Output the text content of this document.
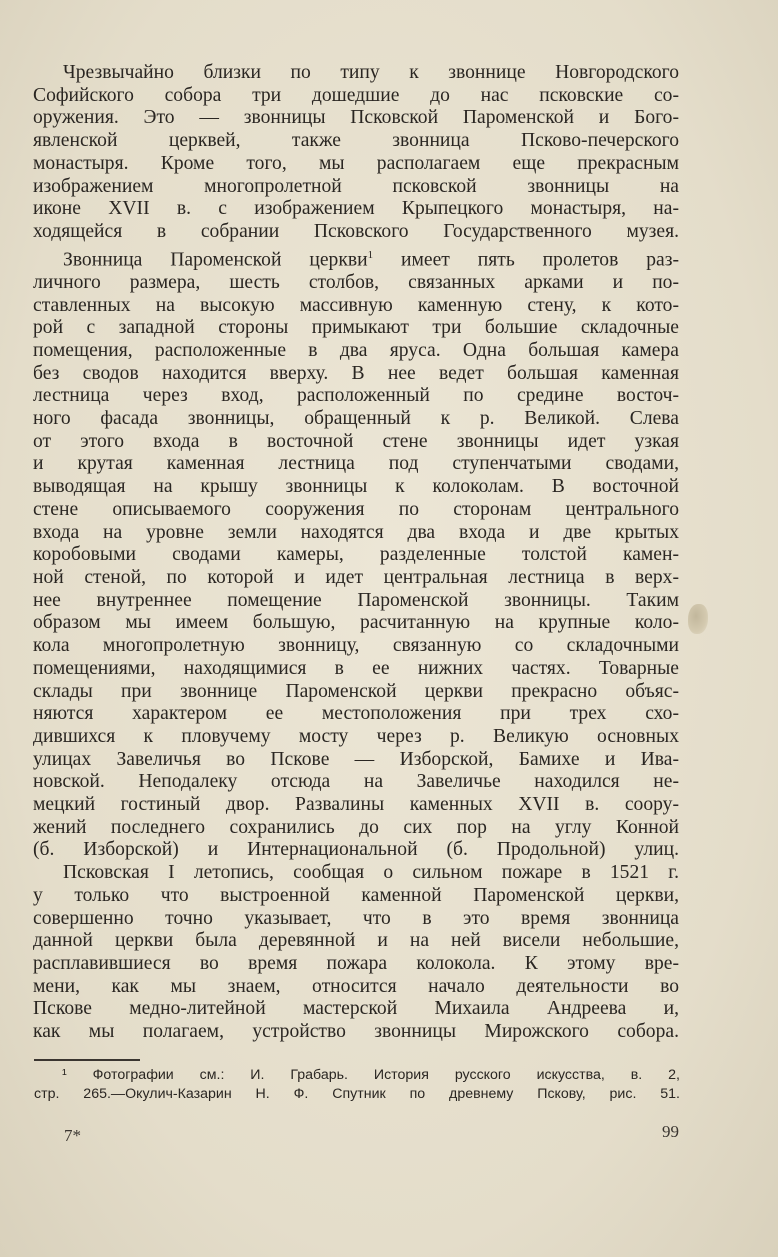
Чрезвычайно близки по типу к звоннице Новгородского
Софийского собора три дошедшие до нас псковские со-
оружения. Это — звонницы Псковской Пароменской и Бого-
явленской церквей, также звонница Псково-печерского
монастыря. Кроме того, мы располагаем еще прекрасным
изображением многопролетной псковской звонницы на
иконе XVII в. с изображением Крыпецкого монастыря, на-
ходящейся в собрании Псковского Государственного музея.
Звонница Пароменской церкви$^1$ имеет пять пролетов раз-
личного размера, шесть столбов, связанных арками и по-
ставленных на высокую массивную каменную стену, к кото-
рой с западной стороны примыкают три большие складочные
помещения, расположенные в два яруса. Одна большая камера
без сводов находится вверху. В нее ведет большая каменная
лестница через вход, расположенный по средине восточ-
ного фасада звонницы, обращенный к р. Великой. Слева
от этого входа в восточной стене звонницы идет узкая
и крутая каменная лестница под ступенчатыми сводами,
выводящая на крышу звонницы к колоколам. В восточной
стене описываемого сооружения по сторонам центрального
входа на уровне земли находятся два входа и две крытых
коробовыми сводами камеры, разделенные толстой камен-
ной стеной, по которой и идет центральная лестница в верх-
нее внутреннее помещение Пароменской звонницы. Таким
образом мы имеем большую, расчитанную на крупные коло-
кола многопролетную звонницу, связанную со складочными
помещениями, находящимися в ее нижних частях. Товарные
склады при звоннице Пароменской церкви прекрасно объяс-
няются характером ее местоположения при трех схо-
дившихся к пловучему мосту через р. Великую основных
улицах Завеличья во Пскове — Изборской, Бамихе и Ива-
новской. Неподалеку отсюда на Завеличье находился не-
мецкий гостиный двор. Развалины каменных XVII в. соору-
жений последнего сохранились до сих пор на углу Конной
(б. Изборской) и Интернациональной (б. Продольной) улиц.
Псковская I летопись, сообщая о сильном пожаре в 1521 г.
у только что выстроенной каменной Пароменской церкви,
совершенно точно указывает, что в это время звонница
данной церкви была деревянной и на ней висели небольшие,
расплавившиеся во время пожара колокола. К этому вре-
мени, как мы знаем, относится начало деятельности во
Пскове медно-литейной мастерской Михаила Андреева и,
как мы полагаем, устройство звонницы Мирожского собора.
¹ Фотографии см.: И. Грабарь. История русского искусства, в. 2,
стр. 265.—Окулич-Казарин Н. Ф. Спутник по древнему Пскову, рис. 51.
7*	99
